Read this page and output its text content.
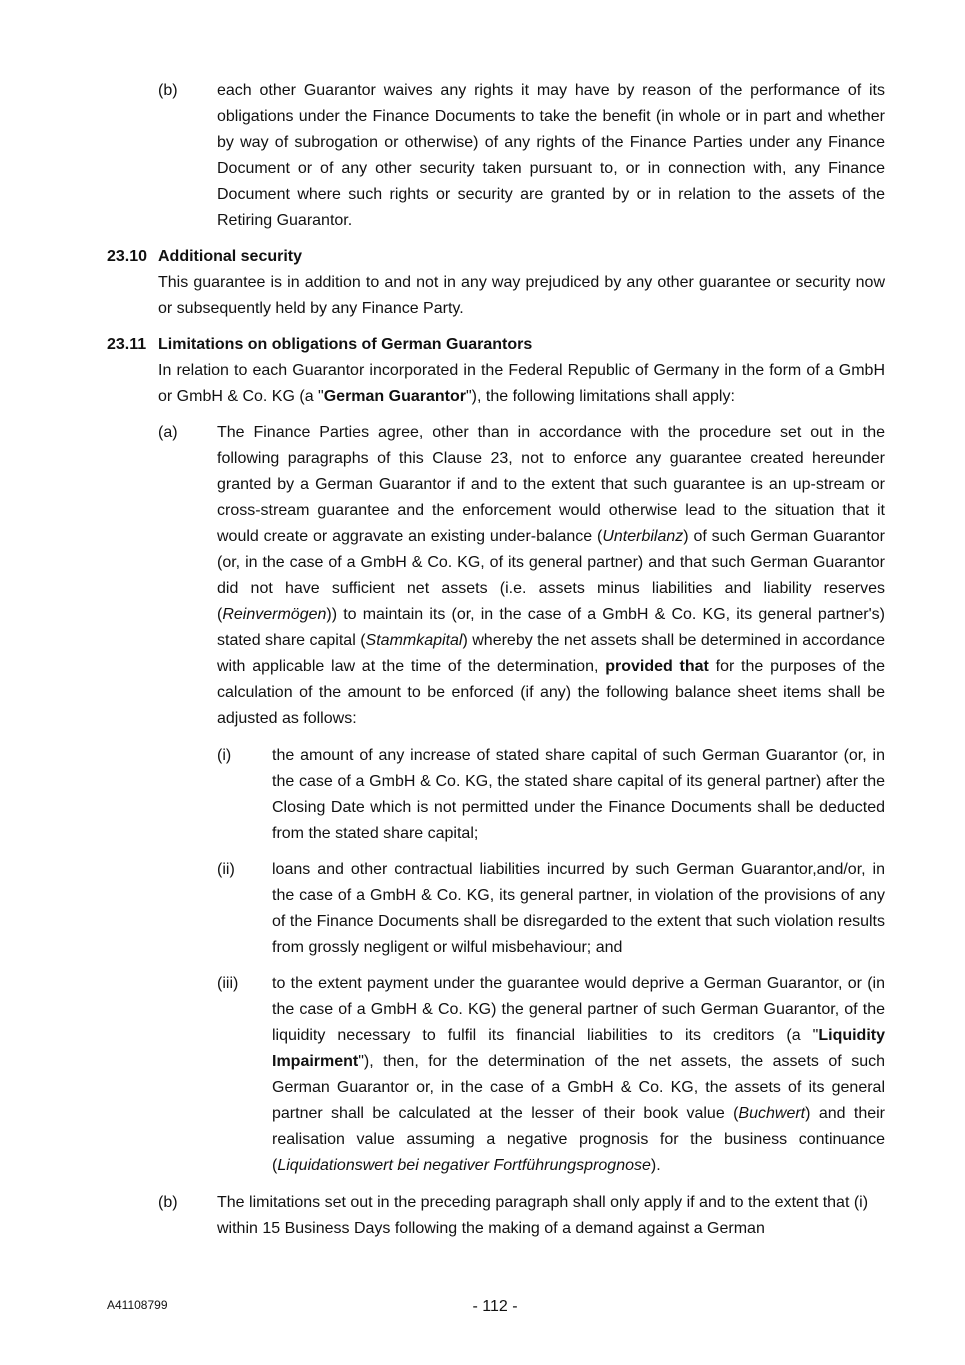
(b) each other Guarantor waives any rights it may have by reason of the performance of its obligations under the Finance Documents to take the benefit (in whole or in part and whether by way of subrogation or otherwise) of any rights of the Finance Parties under any Finance Document or of any other security taken pursuant to, or in connection with, any Finance Document where such rights or security are granted by or in relation to the assets of the Retiring Guarantor.

23.10 Additional security

This guarantee is in addition to and not in any way prejudiced by any other guarantee or security now or subsequently held by any Finance Party.

23.11 Limitations on obligations of German Guarantors

In relation to each Guarantor incorporated in the Federal Republic of Germany in the form of a GmbH or GmbH & Co. KG (a "German Guarantor"), the following limitations shall apply:

(a) The Finance Parties agree, other than in accordance with the procedure set out in the following paragraphs of this Clause 23, not to enforce any guarantee created hereunder granted by a German Guarantor if and to the extent that such guarantee is an up-stream or cross-stream guarantee and the enforcement would otherwise lead to the situation that it would create or aggravate an existing under-balance (Unterbilanz) of such German Guarantor (or, in the case of a GmbH & Co. KG, of its general partner) and that such German Guarantor did not have sufficient net assets (i.e. assets minus liabilities and liability reserves (Reinvermögen)) to maintain its (or, in the case of a GmbH & Co. KG, its general partner's) stated share capital (Stammkapital) whereby the net assets shall be determined in accordance with applicable law at the time of the determination, provided that for the purposes of the calculation of the amount to be enforced (if any) the following balance sheet items shall be adjusted as follows:

(i)	the amount of any increase of stated share capital of such German Guarantor (or, in the case of a GmbH & Co. KG, the stated share capital of its general partner) after the Closing Date which is not permitted under the Finance Documents shall be deducted from the stated share capital;

(ii) loans and other contractual liabilities incurred by such German Guarantor,and/or, in the case of a GmbH & Co. KG, its general partner, in violation of the provisions of any of the Finance Documents shall be disregarded to the extent that such violation results from grossly negligent or wilful misbehaviour; and

(iii) to the extent payment under the guarantee would deprive a German Guarantor, or (in the case of a GmbH & Co. KG) the general partner of such German Guarantor, of the liquidity necessary to fulfil its financial liabilities to its creditors (a "Liquidity Impairment"), then, for the determination of the net assets, the assets of such German Guarantor or, in the case of a GmbH & Co. KG, the assets of its general partner shall be calculated at the lesser of their book value (Buchwert) and their realisation value assuming a negative prognosis for the business continuance (Liquidationswert bei negativer Fortführungsprognose).

(b) The limitations set out in the preceding paragraph shall only apply if and to the extent that (i) within 15 Business Days following the making of a demand against a German

A41108799	- 112 -
